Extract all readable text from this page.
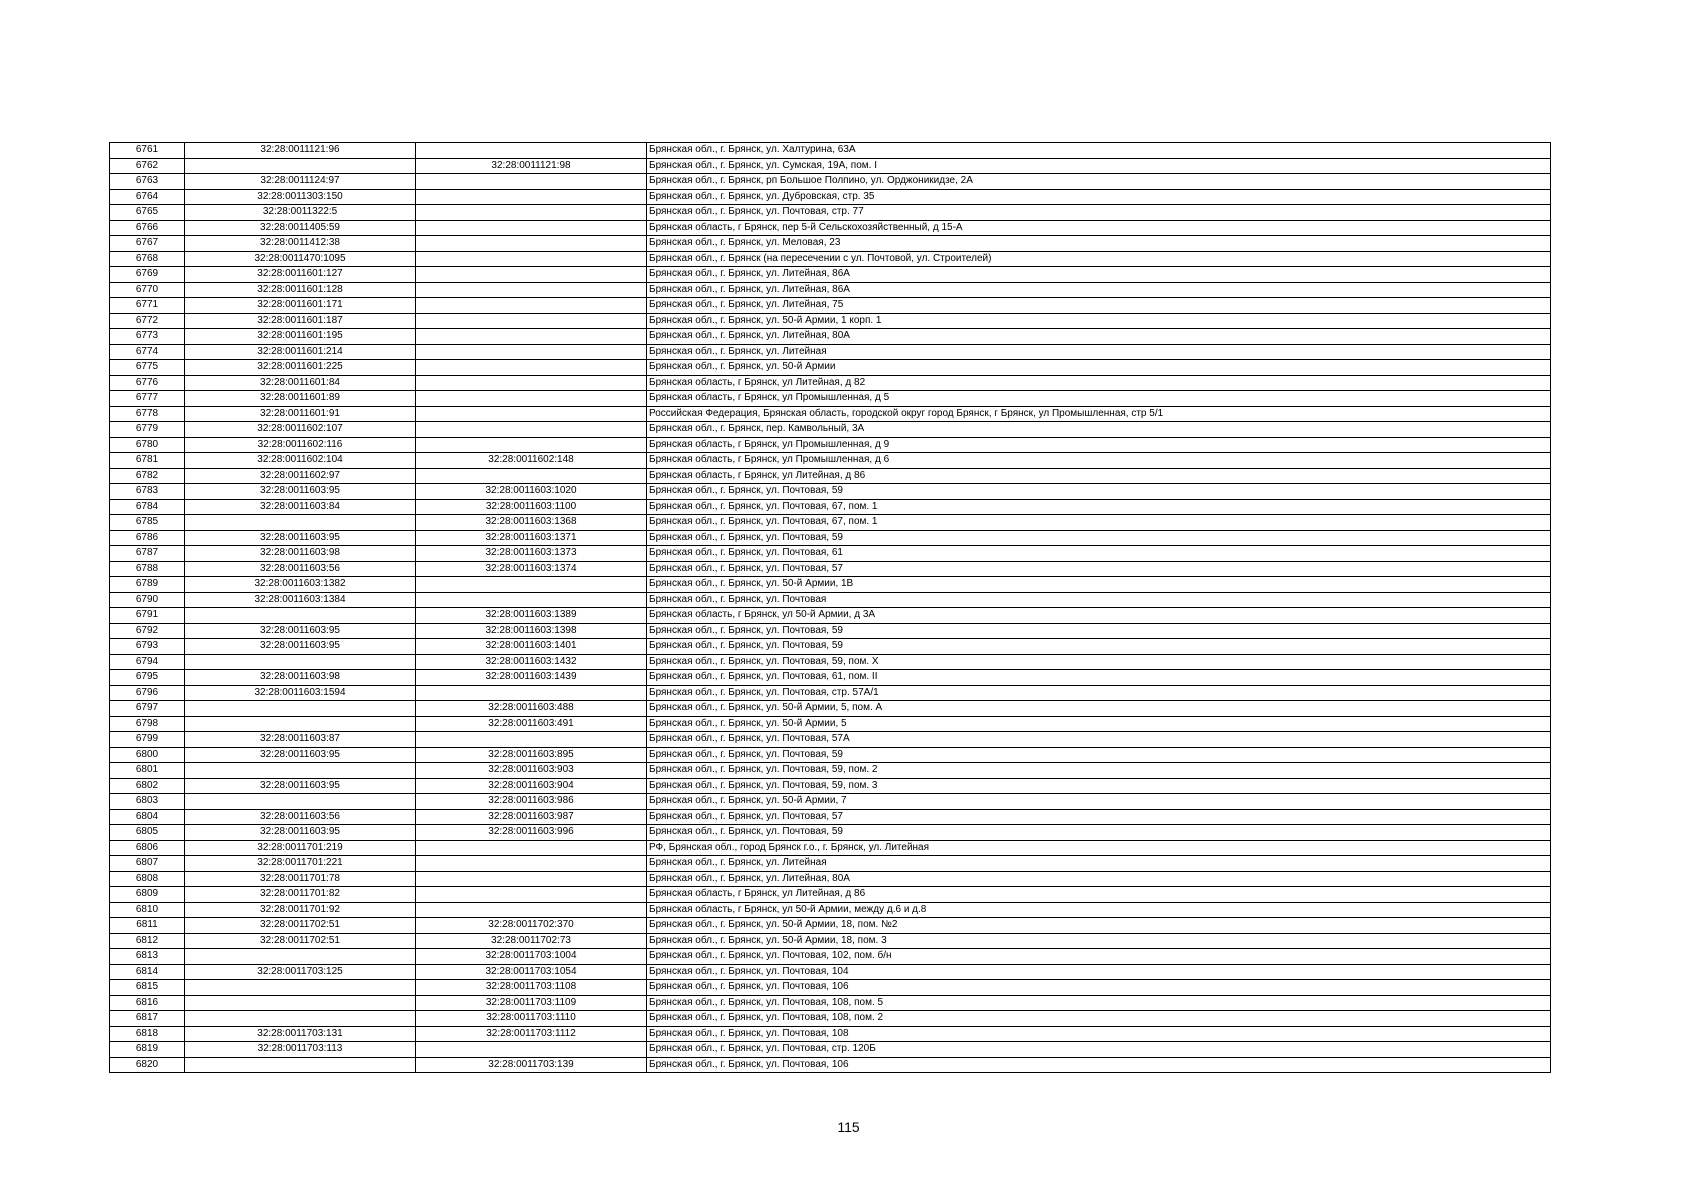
6761	32:28:0011121:96		Брянская обл., г. Брянск, ул. Халтурина, 63А
6762		32:28:0011121:98	Брянская обл., г. Брянск, ул. Сумская, 19А, пом. I
6763	32:28:0011124:97		Брянская обл., г. Брянск, рп Большое Полпино, ул. Орджоникидзе, 2А
6764	32:28:0011303:150		Брянская обл., г. Брянск, ул. Дубровская, стр. 35
6765	32:28:0011322:5		Брянская обл., г. Брянск, ул. Почтовая, стр. 77
6766	32:28:0011405:59		Брянская область, г Брянск, пер 5-й Сельскохозяйственный, д 15-А
6767	32:28:0011412:38		Брянская обл., г. Брянск, ул. Меловая, 23
6768	32:28:0011470:1095		Брянская обл., г. Брянск (на пересечении с ул. Почтовой, ул. Строителей)
6769	32:28:0011601:127		Брянская обл., г. Брянск, ул. Литейная, 86А
6770	32:28:0011601:128		Брянская обл., г. Брянск, ул. Литейная, 86А
6771	32:28:0011601:171		Брянская обл., г. Брянск, ул. Литейная, 75
6772	32:28:0011601:187		Брянская обл., г. Брянск, ул. 50-й Армии, 1 корп. 1
6773	32:28:0011601:195		Брянская обл., г. Брянск, ул. Литейная, 80А
6774	32:28:0011601:214		Брянская обл., г. Брянск, ул. Литейная
6775	32:28:0011601:225		Брянская обл., г. Брянск, ул. 50-й Армии
6776	32:28:0011601:84		Брянская область, г Брянск, ул Литейная, д 82
6777	32:28:0011601:89		Брянская область, г Брянск, ул Промышленная, д 5
6778	32:28:0011601:91		Российская Федерация, Брянская область, городской округ город Брянск, г Брянск, ул Промышленная, стр 5/1
6779	32:28:0011602:107		Брянская обл., г. Брянск, пер. Камвольный, 3А
6780	32:28:0011602:116		Брянская область, г Брянск, ул Промышленная, д 9
6781	32:28:0011602:104	32:28:0011602:148	Брянская область, г Брянск, ул Промышленная, д 6
6782	32:28:0011602:97		Брянская область, г Брянск, ул Литейная, д 86
6783	32:28:0011603:95	32:28:0011603:1020	Брянская обл., г. Брянск, ул. Почтовая, 59
6784	32:28:0011603:84	32:28:0011603:1100	Брянская обл., г. Брянск, ул. Почтовая, 67, пом. 1
6785		32:28:0011603:1368	Брянская обл., г. Брянск, ул. Почтовая, 67, пом. 1
6786	32:28:0011603:95	32:28:0011603:1371	Брянская обл., г. Брянск, ул. Почтовая, 59
6787	32:28:0011603:98	32:28:0011603:1373	Брянская обл., г. Брянск, ул. Почтовая, 61
6788	32:28:0011603:56	32:28:0011603:1374	Брянская обл., г. Брянск, ул. Почтовая, 57
6789	32:28:0011603:1382		Брянская обл., г. Брянск, ул. 50-й Армии, 1В
6790	32:28:0011603:1384		Брянская обл., г. Брянск, ул. Почтовая
6791		32:28:0011603:1389	Брянская область, г Брянск, ул 50-й Армии, д 3А
6792	32:28:0011603:95	32:28:0011603:1398	Брянская обл., г. Брянск, ул. Почтовая, 59
6793	32:28:0011603:95	32:28:0011603:1401	Брянская обл., г. Брянск, ул. Почтовая, 59
6794		32:28:0011603:1432	Брянская обл., г. Брянск, ул. Почтовая, 59, пом. X
6795	32:28:0011603:98	32:28:0011603:1439	Брянская обл., г. Брянск, ул. Почтовая, 61, пом. II
6796	32:28:0011603:1594		Брянская обл., г. Брянск, ул. Почтовая, стр. 57А/1
6797		32:28:0011603:488	Брянская обл., г. Брянск, ул. 50-й Армии, 5, пом. А
6798		32:28:0011603:491	Брянская обл., г. Брянск, ул. 50-й Армии, 5
6799	32:28:0011603:87		Брянская обл., г. Брянск, ул. Почтовая, 57А
6800	32:28:0011603:95	32:28:0011603:895	Брянская обл., г. Брянск, ул. Почтовая, 59
6801		32:28:0011603:903	Брянская обл., г. Брянск, ул. Почтовая, 59, пом. 2
6802	32:28:0011603:95	32:28:0011603:904	Брянская обл., г. Брянск, ул. Почтовая, 59, пом. 3
6803		32:28:0011603:986	Брянская обл., г. Брянск, ул. 50-й Армии, 7
6804	32:28:0011603:56	32:28:0011603:987	Брянская обл., г. Брянск, ул. Почтовая, 57
6805	32:28:0011603:95	32:28:0011603:996	Брянская обл., г. Брянск, ул. Почтовая, 59
6806	32:28:0011701:219		РФ, Брянская обл., город Брянск г.о., г. Брянск, ул. Литейная
6807	32:28:0011701:221		Брянская обл., г. Брянск, ул. Литейная
6808	32:28:0011701:78		Брянская обл., г. Брянск, ул. Литейная, 80А
6809	32:28:0011701:82		Брянская область, г Брянск, ул Литейная, д 86
6810	32:28:0011701:92		Брянская область, г Брянск, ул 50-й Армии, между д.6 и д.8
6811	32:28:0011702:51	32:28:0011702:370	Брянская обл., г. Брянск, ул. 50-й Армии, 18, пом. №2
6812	32:28:0011702:51	32:28:0011702:73	Брянская обл., г. Брянск, ул. 50-й Армии, 18, пом. 3
6813		32:28:0011703:1004	Брянская обл., г. Брянск, ул. Почтовая, 102, пом. б/н
6814	32:28:0011703:125	32:28:0011703:1054	Брянская обл., г. Брянск, ул. Почтовая, 104
6815		32:28:0011703:1108	Брянская обл., г. Брянск, ул. Почтовая, 106
6816		32:28:0011703:1109	Брянская обл., г. Брянск, ул. Почтовая, 108, пом. 5
6817		32:28:0011703:1110	Брянская обл., г. Брянск, ул. Почтовая, 108, пом. 2
6818	32:28:0011703:131	32:28:0011703:1112	Брянская обл., г. Брянск, ул. Почтовая, 108
6819	32:28:0011703:113		Брянская обл., г. Брянск, ул. Почтовая, стр. 120Б
6820		32:28:0011703:139	Брянская обл., г. Брянск, ул. Почтовая, 106
115
